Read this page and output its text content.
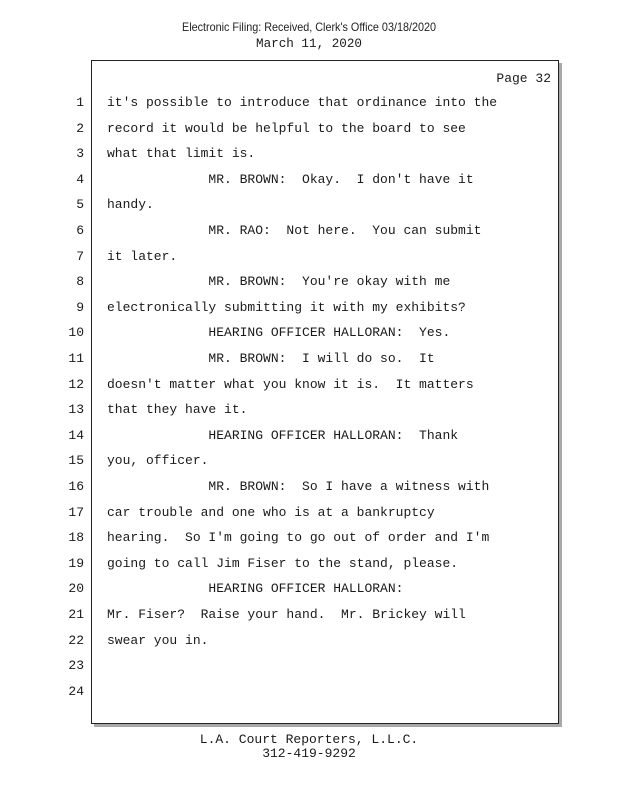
Electronic Filing: Received, Clerk's Office 03/18/2020
March 11, 2020
Page 32
1 it's possible to introduce that ordinance into the
2 record it would be helpful to the board to see
3 what that limit is.
4 MR. BROWN:  Okay.  I don't have it
5 handy.
6 MR. RAO:  Not here.  You can submit
7 it later.
8 MR. BROWN:  You're okay with me
9 electronically submitting it with my exhibits?
10 HEARING OFFICER HALLORAN:  Yes.
11 MR. BROWN:  I will do so.  It
12 doesn't matter what you know it is.  It matters
13 that they have it.
14 HEARING OFFICER HALLORAN:  Thank
15 you, officer.
16 MR. BROWN:  So I have a witness with
17 car trouble and one who is at a bankruptcy
18 hearing.  So I'm going to go out of order and I'm
19 going to call Jim Fiser to the stand, please.
20 HEARING OFFICER HALLORAN:
21 Mr. Fiser?  Raise your hand.  Mr. Brickey will
22 swear you in.
23
24
L.A. Court Reporters, L.L.C.
312-419-9292
